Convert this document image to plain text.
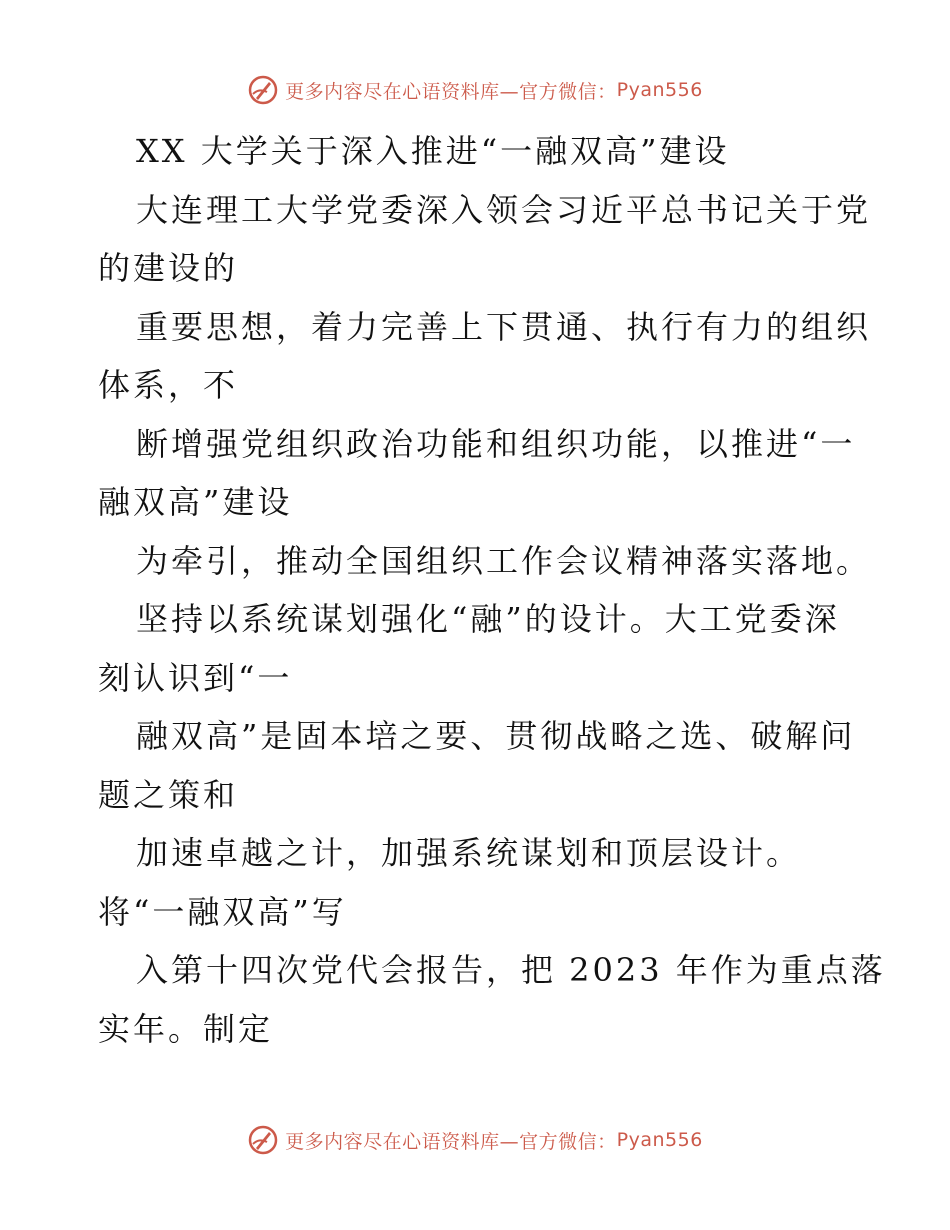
更多内容尽在心语资料库—官方微信： Pyan556
XX 大学关于深入推进“一融双高”建设
大连理工大学党委深入领会习近平总书记关于党
的建设的
重要思想，着力完善上下贯通、执行有力的组织
体系，不
断增强党组织政治功能和组织功能，以推进“一
融双高”建设
为牵引，推动全国组织工作会议精神落实落地。
坚持以系统谋划强化“融”的设计。大工党委深
刻认识到“一
融双高”是固本培之要、贯彻战略之选、破解问
题之策和
加速卓越之计，加强系统谋划和顶层设计。
将“一融双高”写
入第十四次党代会报告，把 2023 年作为重点落
实年。制定
更多内容尽在心语资料库—官方微信： Pyan556
